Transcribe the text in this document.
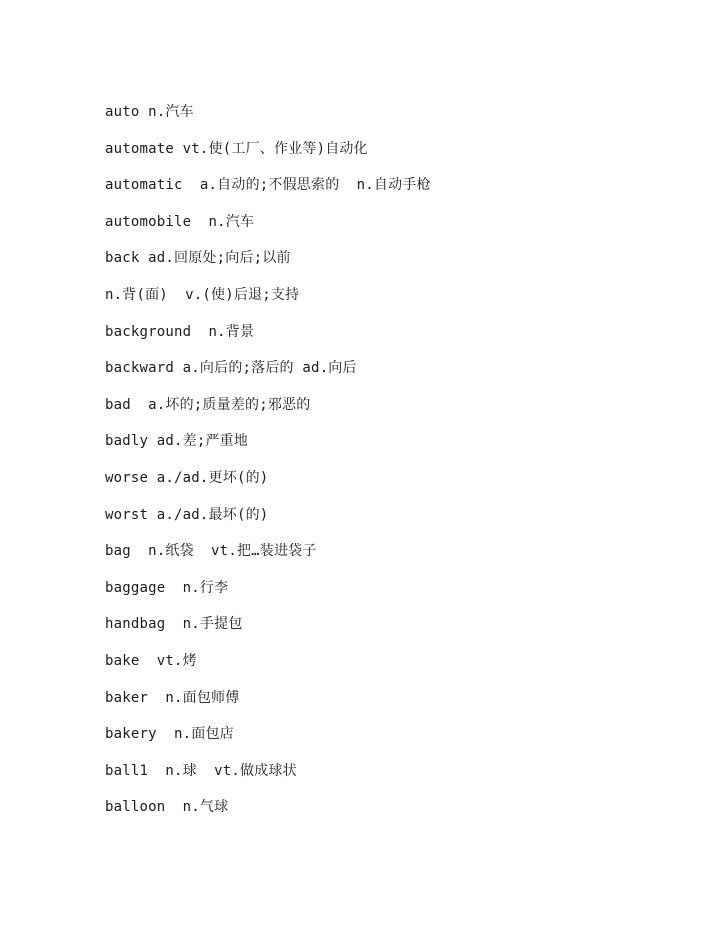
auto n.汽车
automate vt.使(工厂、作业等)自动化
automatic  a.自动的;不假思索的  n.自动手枪
automobile  n.汽车
back ad.回原处;向后;以前
n.背(面)  v.(使)后退;支持
background  n.背景
backward a.向后的;落后的 ad.向后
bad  a.坏的;质量差的;邪恶的
badly ad.差;严重地
worse a./ad.更坏(的)
worst a./ad.最坏(的)
bag  n.纸袋  vt.把…装进袋子
baggage  n.行李
handbag  n.手提包
bake  vt.烤
baker  n.面包师傅
bakery  n.面包店
ball1  n.球  vt.做成球状
balloon  n.气球
